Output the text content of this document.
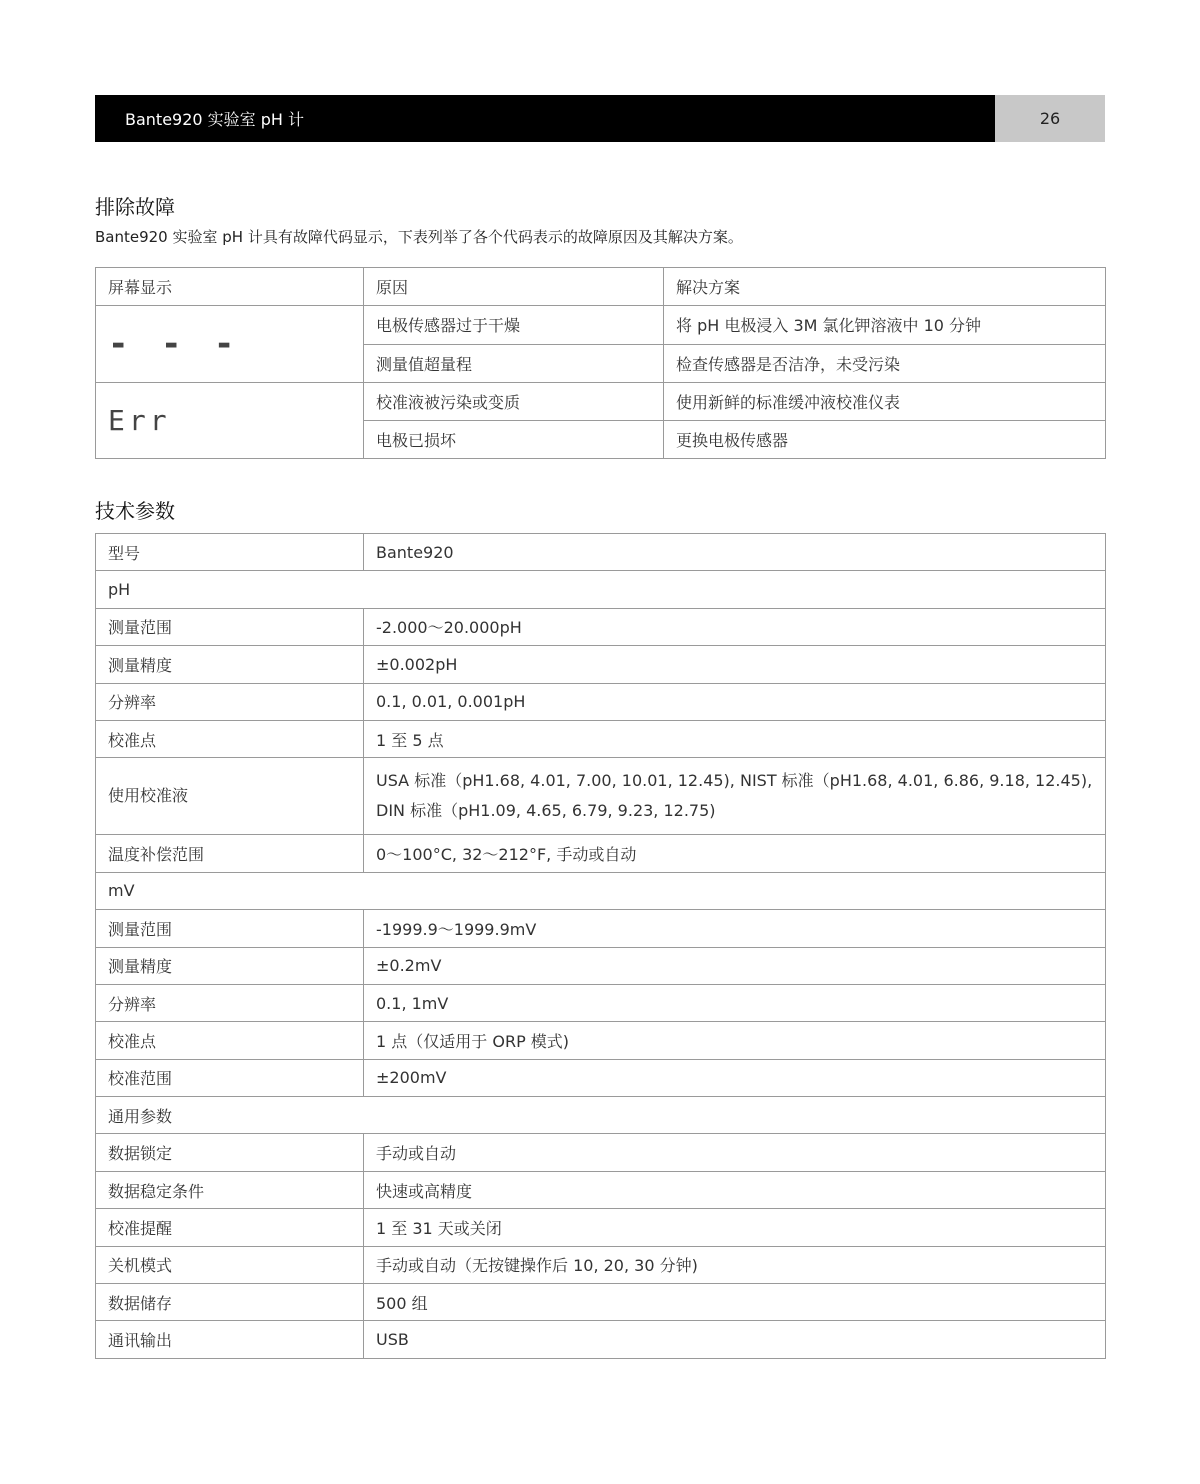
Bante920 实验室 pH 计	26
排除故障
Bante920 实验室 pH 计具有故障代码显示，下表列举了各个代码表示的故障原因及其解决方案。
屏幕显示	原因	解决方案
- - -	电极传感器过于干燥	将 pH 电极浸入 3M 氯化钾溶液中 10 分钟
	测量值超量程	检查传感器是否洁净，未受污染
Err	校准液被污染或变质	使用新鲜的标准缓冲液校准仪表
	电极已损坏	更换电极传感器
技术参数
型号	Bante920
pH	
测量范围	-2.000～20.000pH
测量精度	±0.002pH
分辨率	0.1, 0.01, 0.001pH
校准点	1 至 5 点
使用校准液	USA 标准（pH1.68, 4.01, 7.00, 10.01, 12.45), NIST 标准（pH1.68, 4.01, 6.86, 9.18, 12.45),
DIN 标准（pH1.09, 4.65, 6.79, 9.23, 12.75)

温度补偿范围	0～100°C, 32～212°F, 手动或自动
mV	
测量范围	-1999.9～1999.9mV
测量精度	±0.2mV
分辨率	0.1, 1mV
校准点	1 点（仅适用于 ORP 模式)
校准范围	±200mV
通用参数	
数据锁定	手动或自动
数据稳定条件	快速或高精度
校准提醒	1 至 31 天或关闭
关机模式	手动或自动（无按键操作后 10, 20, 30 分钟)
数据储存	500 组
通讯输出	USB
